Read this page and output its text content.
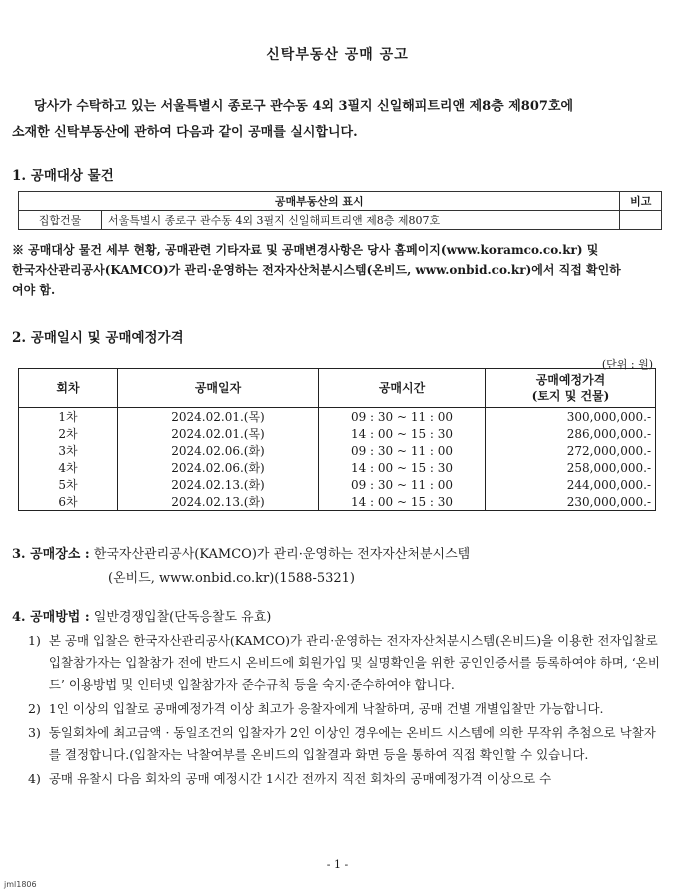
신탁부동산 공매 공고
당사가 수탁하고 있는 서울특별시 종로구 관수동 4외 3필지 신일해피트리앤 제8층 제807호에
소재한 신탁부동산에 관하여 다음과 같이 공매를 실시합니다.
1. 공매대상 물건
공매부동산의 표시		비고
집합건물	서울특별시 종로구 관수동 4외 3필지 신일해피트리앤 제8층 제807호	
※ 공매대상 물건 세부 현황, 공매관련 기타자료 및 공매변경사항은 당사 홈페이지(www.koramco.co.kr) 및
한국자산관리공사(KAMCO)가 관리·운영하는 전자자산처분시스템(온비드, www.onbid.co.kr)에서 직접 확인하
여야 함.
2. 공매일시 및 공매예정가격
(단위 : 원)
회차	공매일자	공매시간	공매예정가격
(토지 및 건물)

1차	2024.02.01.(목)	09 : 30 ~ 11 : 00	300,000,000.-
2차	2024.02.01.(목)	14 : 00 ~ 15 : 30	286,000,000.-
3차	2024.02.06.(화)	09 : 30 ~ 11 : 00	272,000,000.-
4차	2024.02.06.(화)	14 : 00 ~ 15 : 30	258,000,000.-
5차	2024.02.13.(화)	09 : 30 ~ 11 : 00	244,000,000.-
6차	2024.02.13.(화)	14 : 00 ~ 15 : 30	230,000,000.-
3. 공매장소 : 한국자산관리공사(KAMCO)가 관리·운영하는 전자자산처분시스템
(온비드, www.onbid.co.kr)(1588-5321)
4. 공매방법 : 일반경쟁입찰(단독응찰도 유효)
1) 본 공매 입찰은 한국자산관리공사(KAMCO)가 관리·운영하는 전자자산처분시스템(온비드)을 이용한 전자입찰로 입찰참가자는 입찰참가 전에 반드시 온비드에 회원가입 및 실명확인을 위한 공인인증서를 등록하여야 하며, ‘온비드’ 이용방법 및 인터넷 입찰참가자 준수규칙 등을 숙지·준수하여야 합니다.
2) 1인 이상의 입찰로 공매예정가격 이상 최고가 응찰자에게 낙찰하며, 공매 건별 개별입찰만 가능합니다.
3) 동일회차에 최고금액 · 동일조건의 입찰자가 2인 이상인 경우에는 온비드 시스템에 의한 무작위 추첨으로 낙찰자를 결정합니다.(입찰자는 낙찰여부를 온비드의 입찰결과 화면 등을 통하여 직접 확인할 수 있습니다.
4) 공매 유찰시 다음 회차의 공매 예정시간 1시간 전까지 직전 회차의 공매예정가격 이상으로 수
- 1 -
jml1806
